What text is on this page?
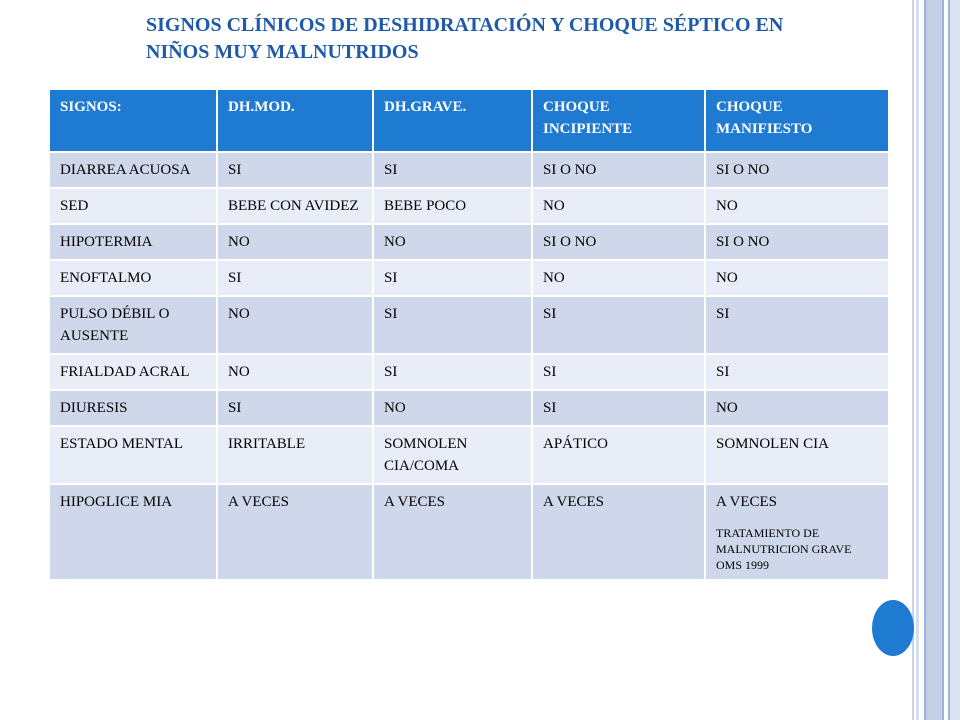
SIGNOS CLÍNICOS DE DESHIDRATACIÓN Y CHOQUE SÉPTICO EN NIÑOS MUY MALNUTRIDOS
SIGNOS:	DH.MOD.	DH.GRAVE.	CHOQUE INCIPIENTE	CHOQUE MANIFIESTO
DIARREA ACUOSA	SI	SI	SI O NO	SI O NO
SED	BEBE CON AVIDEZ	BEBE POCO	NO	NO
HIPOTERMIA	NO	NO	SI O NO	SI O NO
ENOFTALMO	SI	SI	NO	NO
PULSO DÉBIL O AUSENTE	NO	SI	SI	SI
FRIALDAD ACRAL	NO	SI	SI	SI
DIURESIS	SI	NO	SI	NO
ESTADO MENTAL	IRRITABLE	SOMNOLEN CIA/COMA	APÁTICO	SOMNOLEN CIA
HIPOGLICE MIA	A VECES	A VECES	A VECES	A VECES
TRATAMIENTO DE MALNUTRICION GRAVE OMS 1999
